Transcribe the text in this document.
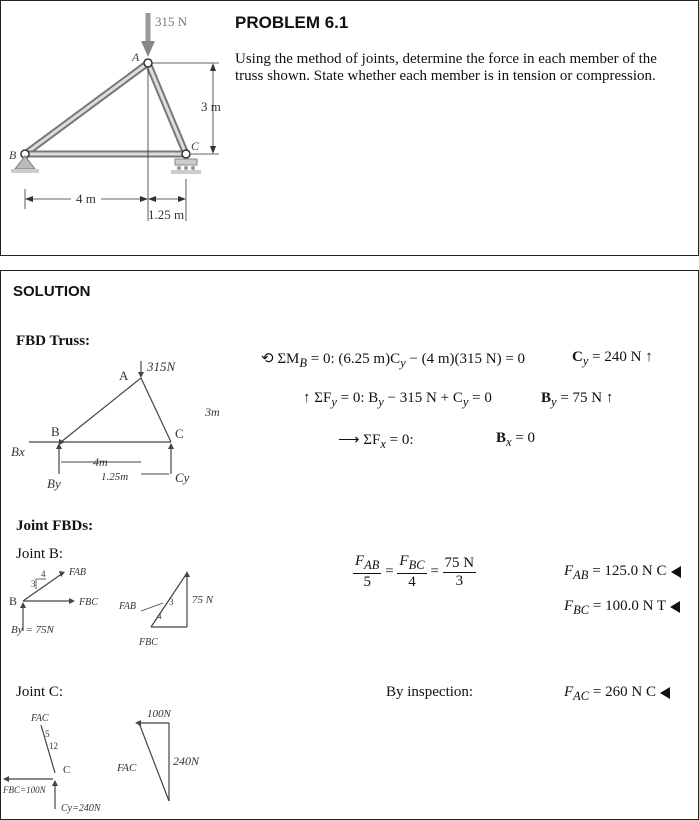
315 N
A
B
C
3 m
4 m
1.25 m
PROBLEM 6.1
Using the method of joints, determine the force in each member of the truss shown. State whether each member is in tension or compression.
SOLUTION
FBD Truss:
A
315N
B	C
3m
Bx
By
4m
1.25m	Cy
⟲ $\Sigma M_B = 0$: (6.25 $m)C_y - (4$ m)(315 N) = 0	$C_y = 240$ N ↑
↑ $\Sigma F_y = 0$: $B_y - 315$ $N + C_y = 0$	$B_y = 75$ N ↑
⟶ $\Sigma F_x = 0$:	$B_x = 0$
Joint FBDs:
Joint B:
FAB
B	FBC
By = 75N
3
4
FAB	3
4
75 N
FBC
$\frac{F_{AB}}{5} = \frac{F_{BC}}{4} = \frac{75 N}{3}$	$F_{AB} = 125.0$ N C
$F_{BC} = 100.0$ N T
Joint C:	By inspection:	$F_{AC} = 260$ N C
FAC
5
12
C
FBC=100N
Cy=240N
100N
FAC	240N
